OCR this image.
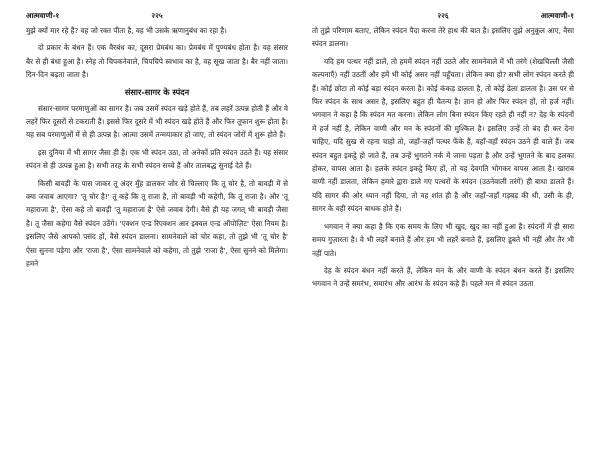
आत्मवाणी-१	२२५

मुझे क्यों मार रहे हैं? वह जो रक्त पीता है, वह भी उसके ऋणानुबंध का रहा है।

दो प्रकार के बंधन हैं। एक वैरबंध का, दूसरा प्रेमबंध का। प्रेमबंध में पुण्यबंध होता है। यह संसार बैर से ही बंधा हुआ है। स्नेह तो चिपकनेवाले, चिपचिपे स्वभाव का है, वह सूख जाता है। बैर नहीं जाता। दिन-दिन बढ़ता जाता है।

संसार-सागर के स्पंदन

संसार-सागर परमाणुओं का सागर है। जब उसमें स्पंदन खड़े होते हैं, तब लहरें उत्पन्न होती हैं और वे लहरें फिर दूसरों से टकराती हैं। इससे फिर दूसरे में भी स्पंदन खड़े होते हैं और फिर तूफान शुरू होता है। यह सब परमाणुओं में से ही उत्पन्न है। आत्मा उसमें तन्मयाकार हो जाए, तो स्पंदन जोरों में शुरू होते हैं।

इस दुनिया में भी सागर जैसा ही है। एक भी स्पंदन उठा, तो अनेकों प्रति स्पंदन उठते हैं। यह संसार स्पंदन से ही उत्पन्न हुआ है। सभी तरह के सभी स्पंदन सच्चे हैं और तालबद्ध सुनाई देते हैं।

किसी बावड़ी के पास जाकर तू अंदर मुँह डालकर जोर से चिल्लाए कि तू चोर है, तो बावड़ी में से क्या जवाब आएगा? 'तू चोर है!' तू कहे कि तू राजा है, तो बावड़ी भी कहेगी, कि तू राजा है। और 'तू महाराजा है', ऐसा कहे तो बावड़ी 'तू महाराजा है' ऐसे जवाब देगी। वैसे ही यह जगत् भी बावड़ी जैसा है। तू जैसा कहेगा वैसे स्पंदन उठेंगे। 'एक्शन एन्ड रिएक्शन आर इक्वल एन्ड ऑपोज़िट' ऐसा नियम है। इसलिए जैसे आपको पसंद हों, वैसे स्पंदन डालना। सामनेवाले को चोर कहा, तो तुझे भी 'तू चोर है' ऐसा सुनना पड़ेगा और 'राजा है', ऐसा सामनेवाले को कहेगा, तो तुझे 'राजा है', ऐसा सुनने को मिलेगा। हमने

२२६	आत्मवाणी-१

तो तुझे परिणाम बताए, लेकिन स्पंदन पैदा करना तेरे हाथ की बात है। इसलिए तुझे अनुकूल आए, वैसा स्पंदन डालना।

यदि हम पत्थर नहीं डालें, तो हममें स्पंदन नहीं उठते और सामनेवाले में भी तरंगे (शेखचिल्ली जैसी कल्पनाएँ) नहीं उठतीं और हमें भी कोई असर नहीं पहुँचता। लेकिन क्या हो? सभी लोग स्पंदन करते ही हैं। कोई छोटा तो कोई बड़ा स्पंदन करता है। कोई कंकड़ डालता है, तो कोई ढेला डालता है। उस पर से फिर स्पंदन के साथ असर है, इसलिए बहुत ही चैतन्य है। ज्ञान हो और फिर स्पंदन हों, तो हर्ज नहीं। भगवान ने कहा है कि स्पंदन मत करना। लेकिन लोग बिना स्पंदन किए रहते ही नहीं न? देह के स्पंदनों में हर्ज नहीं है, लेकिन वाणी और मन के स्पंदनों की मुश्किल है। इसलिए उन्हें तो बंद ही कर देना चाहिए, यदि सुख से रहना चाहो तो, जहाँ-जहाँ पत्थर फेंके हैं, वहाँ-वहाँ स्पंदन उठने ही वाले हैं। जब स्पंदन बहुत इकट्ठे हो जाते हैं, तब उन्हें भुगतने नर्क में जाना पड़ता है और उन्हें भुगतने के बाद हलका होकर, वापस आता है। हलके स्पंदन इकट्ठे किए हों, तो यह देवगति भोगकर वापस आता है। खाराब वाणी नहीं डालता, लेकिन हमारे द्वारा डाले गए पत्थरों के स्पंदन (उठनेवाली तरंगें) ही बाधा डालते हैं। यदि सागर की ओर ध्यान नहीं दिया, तो वह शांत ही है और जहाँ-जहाँ गड़बड़ की थी, उसी के ही, सागर के वही स्पंदन बाधक होते हैं।

भगवान ने क्या कहा है कि एक समय के लिए भी खुद, खुद का नहीं हुआ है। स्पंदनों में ही सारा समय गुज़ारता है। वे भी लहरें बनाते हैं और हम भी लहरें बनाते हैं, इसलिए डूबते भी नहीं और तैर भी नहीं पाते।

देह के स्पंदन बंधन नहीं करते हैं, लेकिन मन के और वाणी के स्पंदन बंधन करते हैं। इसलिए भगवान ने उन्हें समरंभ, समारंभ और आरंभ के स्पंदन कहे हैं। पहले मन में स्पंदन उठता
